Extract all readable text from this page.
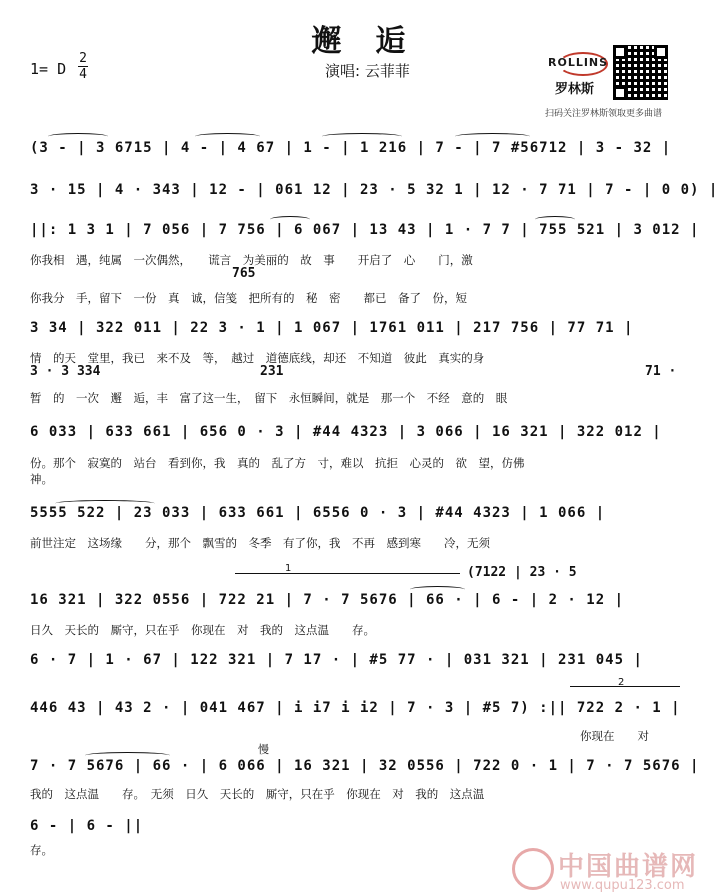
邂　逅
1= D
2
4	演唱: 云菲菲	ROLLINS
罗林斯
扫码关注罗林斯领取更多曲谱
(3 - | 3 6715 | 4 - | 4 67 | 1 - | 1 216 | 7 - | 7 #56712 | 3 - 32 |
3 · 15 | 4 · 343 | 12 - | 061 12 | 23 · 5 32 1 | 12 · 7 71 | 7 - | 0 0) |
||: 1 3 1 | 7 056 | 7 756 | 6 067 | 13 43 | 1 · 7 7 | 755 521 | 3 012 |
你我相　遇，纯属　一次偶然，　　谎言　为美丽的　故　事　　开启了　心　　门，激
765
你我分　手，留下　一份　真　诚，信笺　把所有的　秘　密　　都已　备了　份，短
3 34 | 322 011 | 22 3 · 1 | 1 067 | 1761 011 | 217 756 | 77 71 |
情　的天　堂里，我已　来不及　等，　越过　道德底线，却还　不知道　彼此　真实的身
3 · 3 334	231	71 ·
暂　的　一次　邂　逅，丰　富了这一生，　留下　永恒瞬间，就是　那一个　不经　意的　眼
6 033 | 633 661 | 656 0 · 3 | #44 4323 | 3 066 | 16 321 | 322 012 |
份。那个　寂寞的　站台　看到你，我　真的　乱了方　寸，难以　抗拒　心灵的　欲　望，仿佛
神。
5555 522 | 23 033 | 633 661 | 6556 0 · 3 | #44 4323 | 1 066 |
前世注定　这场缘　　分，那个　飘雪的　冬季　有了你，我　不再　感到寒　　冷，无须
1	(7122 | 23 · 5
16 321 | 322 0556 | 722 21 | 7 · 7 5676 | 66 · | 6 - | 2 · 12 |
日久　天长的　厮守，只在乎　你现在　对　我的　这点温　　存。
6 · 7 | 1 · 67 | 122 321 | 7 17 · | #5 77 · | 031 321 | 231 045 |
2
446 43 | 43 2 · | 041 467 | i i7 i i2 | 7 · 3 | #5 7) :|| 722 2 · 1 |
你现在　　对
慢
7 · 7 5676 | 66 · | 6 066 | 16 321 | 32 0556 | 722 0 · 1 | 7 · 7 5676 |
我的　这点温　　存。　无须　日久　天长的　厮守，只在乎　你现在　对　我的　这点温
6 - | 6 - ||
存。
中国曲谱网
www.qupu123.com
